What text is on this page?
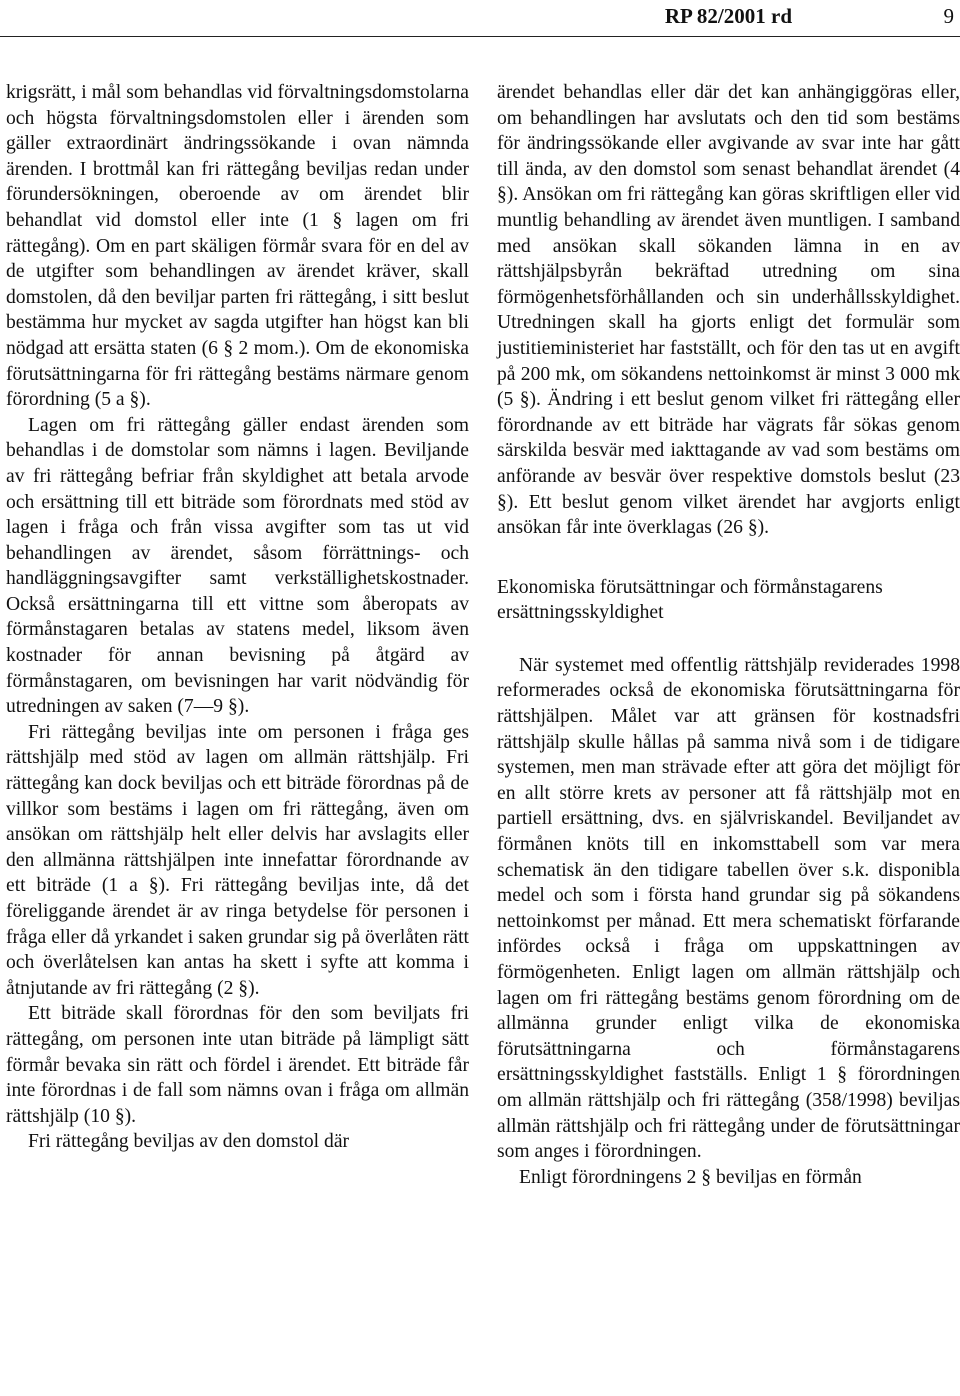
RP 82/2001 rd	9

krigsrätt, i mål som behandlas vid förvaltningsdomstolarna och högsta förvaltningsdomstolen eller i ärenden som gäller extraordinärt ändringssökande i ovan nämnda ärenden. I brottmål kan fri rättegång beviljas redan under förundersökningen, oberoende av om ärendet blir behandlat vid domstol eller inte (1 § lagen om fri rättegång). Om en part skäligen förmår svara för en del av de utgifter som behandlingen av ärendet kräver, skall domstolen, då den beviljar parten fri rättegång, i sitt beslut bestämma hur mycket av sagda utgifter han högst kan bli nödgad att ersätta staten (6 § 2 mom.). Om de ekonomiska förutsättningarna för fri rättegång bestäms närmare genom förordning (5 a §).

Lagen om fri rättegång gäller endast ärenden som behandlas i de domstolar som nämns i lagen. Beviljande av fri rättegång befriar från skyldighet att betala arvode och ersättning till ett biträde som förordnats med stöd av lagen i fråga och från vissa avgifter som tas ut vid behandlingen av ärendet, såsom förrättnings- och handläggningsavgifter samt verkställighetskostnader. Också ersättningarna till ett vittne som åberopats av förmånstagaren betalas av statens medel, liksom även kostnader för annan bevisning på åtgärd av förmånstagaren, om bevisningen har varit nödvändig för utredningen av saken (7—9 §).

Fri rättegång beviljas inte om personen i fråga ges rättshjälp med stöd av lagen om allmän rättshjälp. Fri rättegång kan dock beviljas och ett biträde förordnas på de villkor som bestäms i lagen om fri rättegång, även om ansökan om rättshjälp helt eller delvis har avslagits eller den allmänna rättshjälpen inte innefattar förordnande av ett biträde (1 a §). Fri rättegång beviljas inte, då det föreliggande ärendet är av ringa betydelse för personen i fråga eller då yrkandet i saken grundar sig på överlåten rätt och överlåtelsen kan antas ha skett i syfte att komma i åtnjutande av fri rättegång (2 §).

Ett biträde skall förordnas för den som beviljats fri rättegång, om personen inte utan biträde på lämpligt sätt förmår bevaka sin rätt och fördel i ärendet. Ett biträde får inte förordnas i de fall som nämns ovan i fråga om allmän rättshjälp (10 §).

Fri rättegång beviljas av den domstol där

ärendet behandlas eller där det kan anhängiggöras eller, om behandlingen har avslutats och den tid som bestäms för ändringssökande eller avgivande av svar inte har gått till ända, av den domstol som senast behandlat ärendet (4 §). Ansökan om fri rättegång kan göras skriftligen eller vid muntlig behandling av ärendet även muntligen. I samband med ansökan skall sökanden lämna in en av rättshjälpsbyrån bekräftad utredning om sina förmögenhetsförhållanden och sin underhållsskyldighet. Utredningen skall ha gjorts enligt det formulär som justitieministeriet har fastställt, och för den tas ut en avgift på 200 mk, om sökandens nettoinkomst är minst 3 000 mk (5 §). Ändring i ett beslut genom vilket fri rättegång eller förordnande av ett biträde har vägrats får sökas genom särskilda besvär med iakttagande av vad som bestäms om anförande av besvär över respektive domstols beslut (23 §). Ett beslut genom vilket ärendet har avgjorts enligt ansökan får inte överklagas (26 §).

Ekonomiska förutsättningar och förmånstagarens ersättningsskyldighet

När systemet med offentlig rättshjälp reviderades 1998 reformerades också de ekonomiska förutsättningarna för rättshjälpen. Målet var att gränsen för kostnadsfri rättshjälp skulle hållas på samma nivå som i de tidigare systemen, men man strävade efter att göra det möjligt för en allt större krets av personer att få rättshjälp mot en partiell ersättning, dvs. en självriskandel. Beviljandet av förmånen knöts till en inkomsttabell som var mera schematisk än den tidigare tabellen över s.k. disponibla medel och som i första hand grundar sig på sökandens nettoinkomst per månad. Ett mera schematiskt förfarande infördes också i fråga om uppskattningen av förmögenheten. Enligt lagen om allmän rättshjälp och lagen om fri rättegång bestäms genom förordning om de allmänna grunder enligt vilka de ekonomiska förutsättningarna och förmånstagarens ersättningsskyldighet fastställs. Enligt 1 § förordningen om allmän rättshjälp och fri rättegång (358/1998) beviljas allmän rättshjälp och fri rättegång under de förutsättningar som anges i förordningen.

Enligt förordningens 2 § beviljas en förmån
